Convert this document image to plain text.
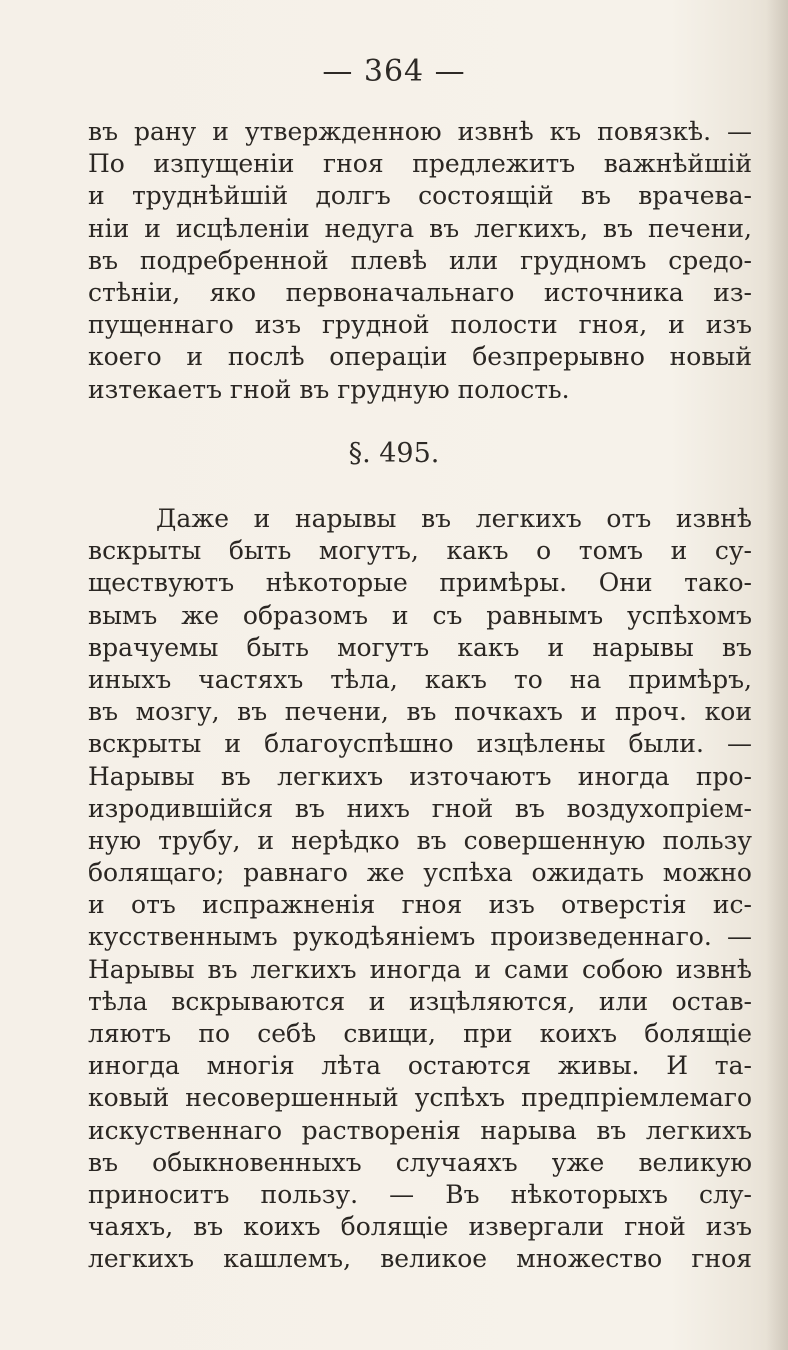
— 364 —
въ рану и утвержденною извнѣ къ повязкѣ. —
По изпущеніи гноя предлежитъ важнѣйшій
и труднѣйшій долгъ состоящій въ врачева-
ніи и исцѣленіи недуга въ легкихъ, въ печени,
въ подребренной плевѣ или грудномъ средо-
стѣніи, яко первоначальнаго источника из-
пущеннаго изъ грудной полости гноя, и изъ
коего и послѣ операціи безпрерывно новый
изтекаетъ гной въ грудную полость.
§. 495.
Даже и нарывы въ легкихъ отъ извнѣ
вскрыты быть могутъ, какъ о томъ и су-
ществуютъ нѣкоторые примѣры. Они тако-
вымъ же образомъ и съ равнымъ успѣхомъ
врачуемы быть могутъ какъ и нарывы въ
иныхъ частяхъ тѣла, какъ то на примѣръ,
въ мозгу, въ печени, въ почкахъ и проч. кои
вскрыты и благоуспѣшно изцѣлены были. —
Нарывы въ легкихъ източаютъ иногда про-
изродившійся въ нихъ гной въ воздухопріем-
ную трубу, и нерѣдко въ совершенную пользу
болящаго; равнаго же успѣха ожидать можно
и отъ испражненія гноя изъ отверстія ис-
кусственнымъ рукодѣяніемъ произведеннаго. —
Нарывы въ легкихъ иногда и сами собою извнѣ
тѣла вскрываются и изцѣляются, или остав-
ляютъ по себѣ свищи, при коихъ болящіе
иногда многія лѣта остаются живы. И та-
ковый несовершенный успѣхъ предпріемлемаго
искуственнаго растворенія нарыва въ легкихъ
въ обыкновенныхъ случаяхъ уже великую
приноситъ пользу. — Въ нѣкоторыхъ слу-
чаяхъ, въ коихъ болящіе извергали гной изъ
легкихъ кашлемъ, великое множество гноя
